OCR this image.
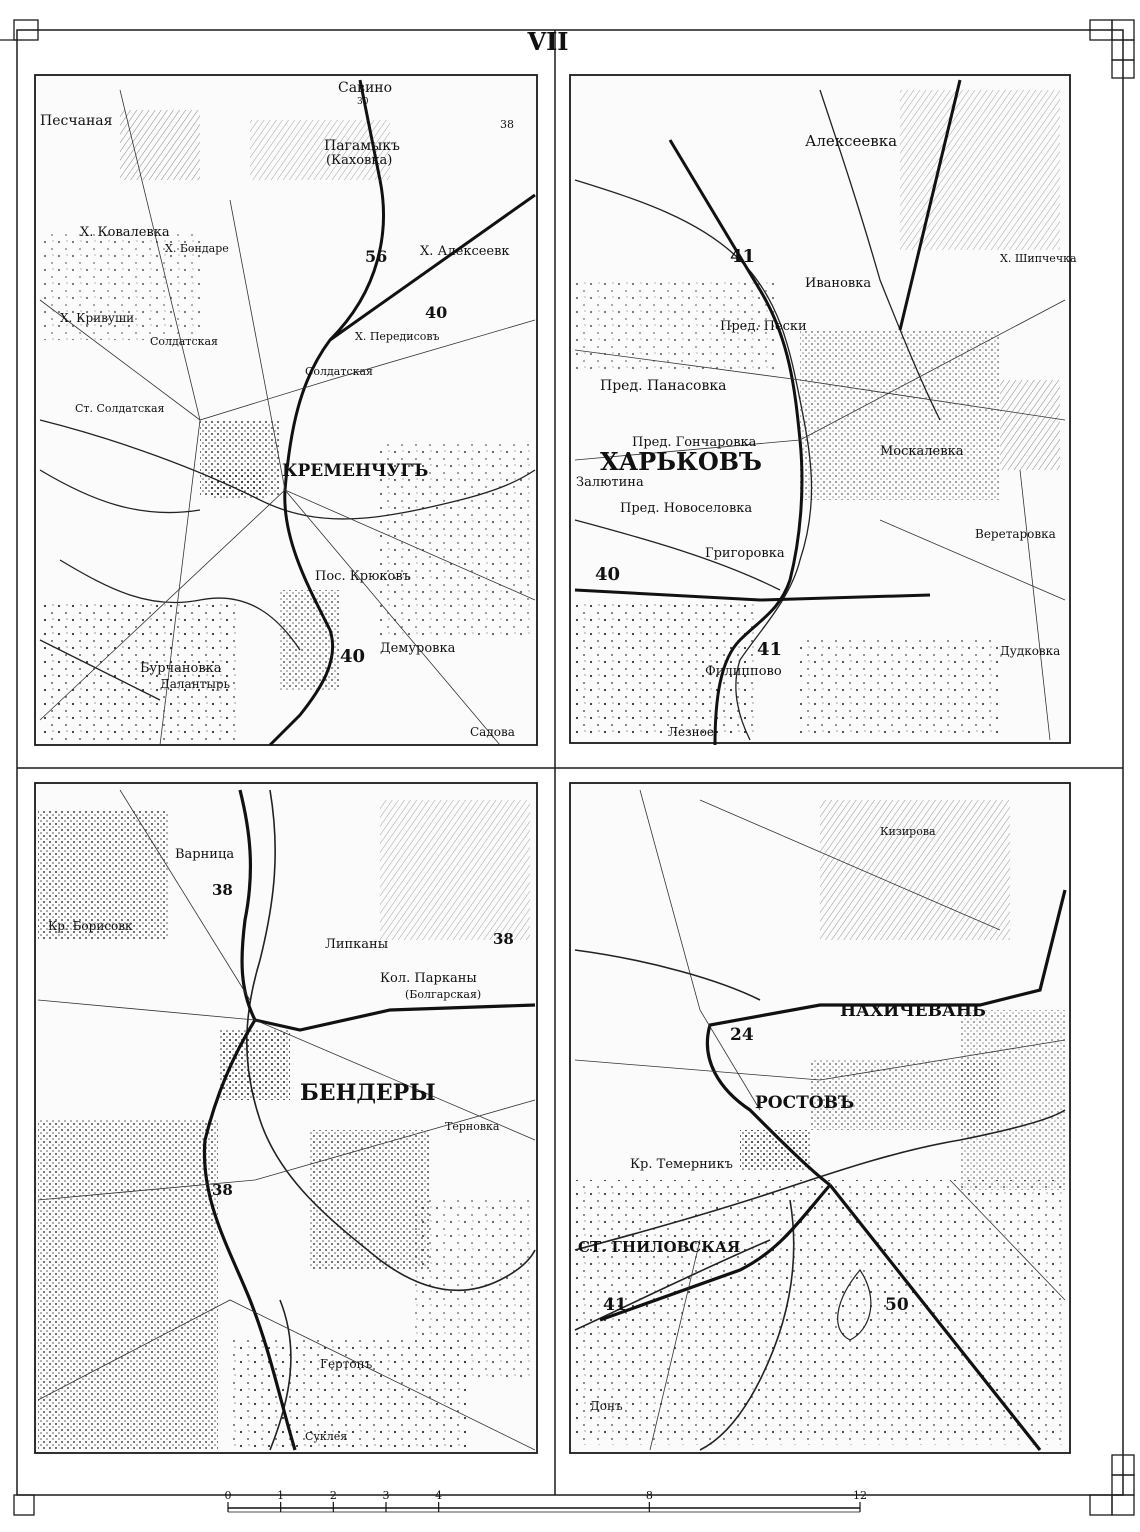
VII
Савино
30
Песчаная
Пагамыкъ
(Каховка)
38
Х. Ковалевка
Х. Бондаре	56	Х. Алексеевк
Х. Кривуши	40
Солдатская	Х. Передисовъ
Солдатская
Ст. Солдатская
КРЕМЕНЧУГЪ
Пос. Крюковъ
40 Демуровка
Бурчановка
Далантырь
Садова
Алексеевка
41
Ивановка
Х. Шипчечка
Пред. Пески
Пред. Панасовка
Пред. Гончаровка
ХАРЬКОВЪ	Москалевка
Залютина
Пред. Новоселовка
Григоровка
Веретаровка
40
41
Филиппово
Дудковка
Лезное
Варница
38
Кр. Борисовк
Липканы	38
Кол. Парканы
(Болгарская)
БЕНДЕРЫ
Терновка
38
Гертопъ
Суклея
Кизирова
НАХИЧЕВАНЬ
24
РОСТОВЪ
Кр. Темерникъ
СТ. ГНИЛОВСКАЯ
41	50
Донъ
0	1	2	3	4	8	12
